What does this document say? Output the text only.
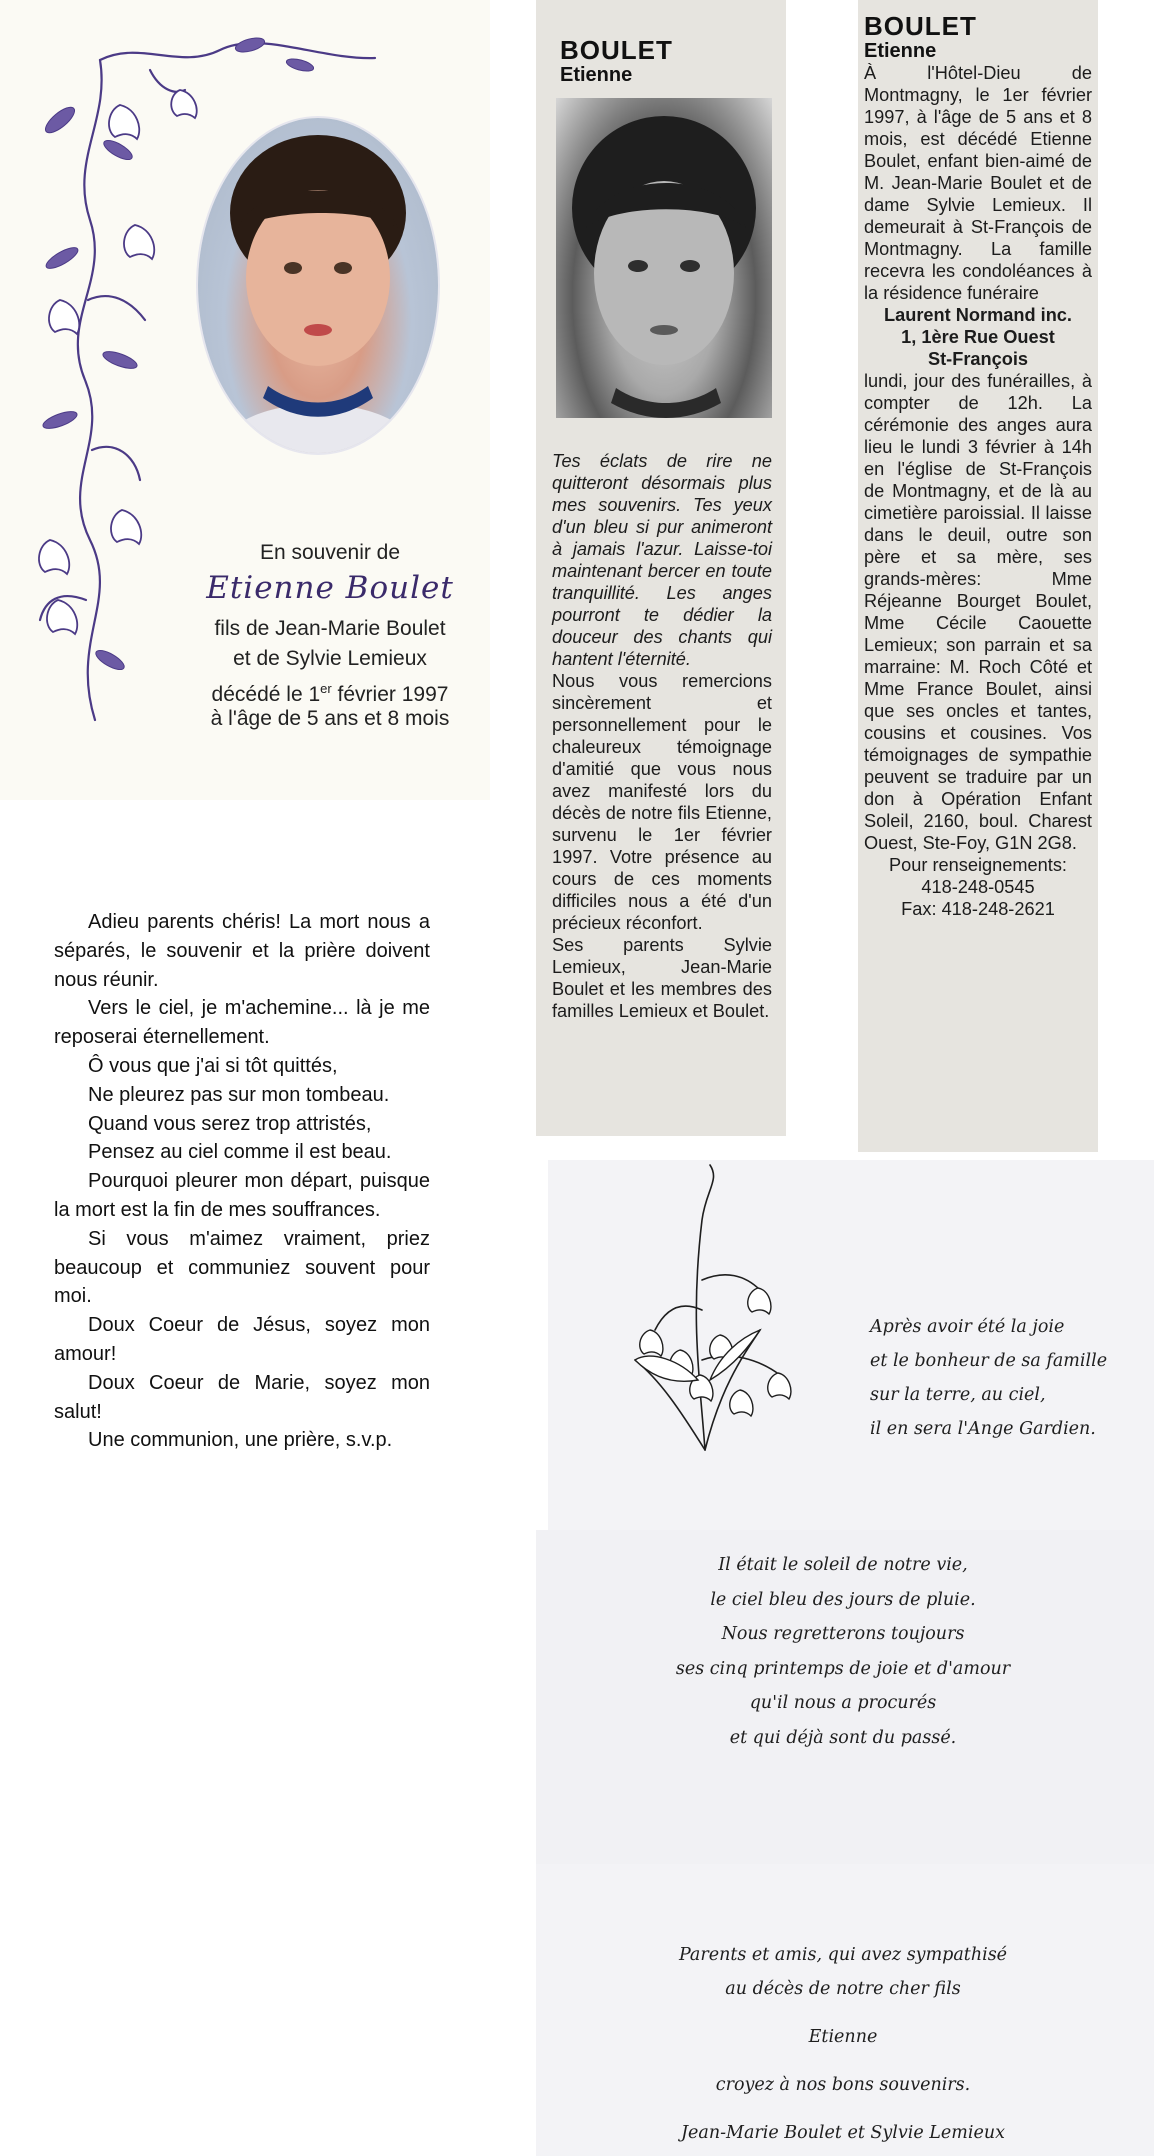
En souvenir de
Etienne Boulet
fils de Jean-Marie Boulet
et de Sylvie Lemieux
décédé le 1er février 1997
à l'âge de 5 ans et 8 mois

Adieu parents chéris! La mort nous a séparés, le souvenir et la prière doivent nous réunir.

Vers le ciel, je m'achemine... là je me reposerai éternellement.

Ô vous que j'ai si tôt quittés,

Ne pleurez pas sur mon tombeau.

Quand vous serez trop attristés,

Pensez au ciel comme il est beau.

Pourquoi pleurer mon départ, puisque la mort est la fin de mes souffrances.

Si vous m'aimez vraiment, priez beaucoup et communiez souvent pour moi.

Doux Coeur de Jésus, soyez mon amour!

Doux Coeur de Marie, soyez mon salut!

Une communion, une prière, s.v.p.

BOULET
Etienne
Tes éclats de rire ne quitteront désormais plus mes souvenirs. Tes yeux d'un bleu si pur animeront à jamais l'azur. Laisse-toi maintenant bercer en toute tranquillité. Les anges pourront te dédier la douceur des chants qui hantent l'éternité.
Nous vous remercions sincèrement et personnellement pour le chaleureux témoignage d'amitié que vous nous avez manifesté lors du décès de notre fils Etienne, survenu le 1er février 1997. Votre présence au cours de ces moments difficiles nous a été d'un précieux réconfort.
Ses parents Sylvie Lemieux, Jean-Marie Boulet et les membres des familles Lemieux et Boulet.
BOULET
Etienne
À l'Hôtel-Dieu de Montmagny, le 1er février 1997, à l'âge de 5 ans et 8 mois, est décédé Etienne Boulet, enfant bien-aimé de M. Jean-Marie Boulet et de dame Sylvie Lemieux. Il demeurait à St-François de Montmagny. La famille recevra les condoléances à la résidence funéraire
Laurent Normand inc.
1, 1ère Rue Ouest
St-François
lundi, jour des funérailles, à compter de 12h. La cérémonie des anges aura lieu le lundi 3 février à 14h en l'église de St-François de Montmagny, et de là au cimetière paroissial. Il laisse dans le deuil, outre son père et sa mère, ses grands-mères: Mme Réjeanne Bourget Boulet, Mme Cécile Caouette Lemieux; son parrain et sa marraine: M. Roch Côté et Mme France Boulet, ainsi que ses oncles et tantes, cousins et cousines. Vos témoignages de sympathie peuvent se traduire par un don à Opération Enfant Soleil, 2160, boul. Charest Ouest, Ste-Foy, G1N 2G8.
Pour renseignements:
418-248-0545
Fax: 418-248-2621
Après avoir été la joie
et le bonheur de sa famille
sur la terre, au ciel,
il en sera l'Ange Gardien.
Il était le soleil de notre vie,
le ciel bleu des jours de pluie.
Nous regretterons toujours
ses cinq printemps de joie et d'amour
qu'il nous a procurés
et qui déjà sont du passé.
Parents et amis, qui avez sympathisé
au décès de notre cher fils
Etienne
croyez à nos bons souvenirs.
Jean-Marie Boulet et Sylvie Lemieux
